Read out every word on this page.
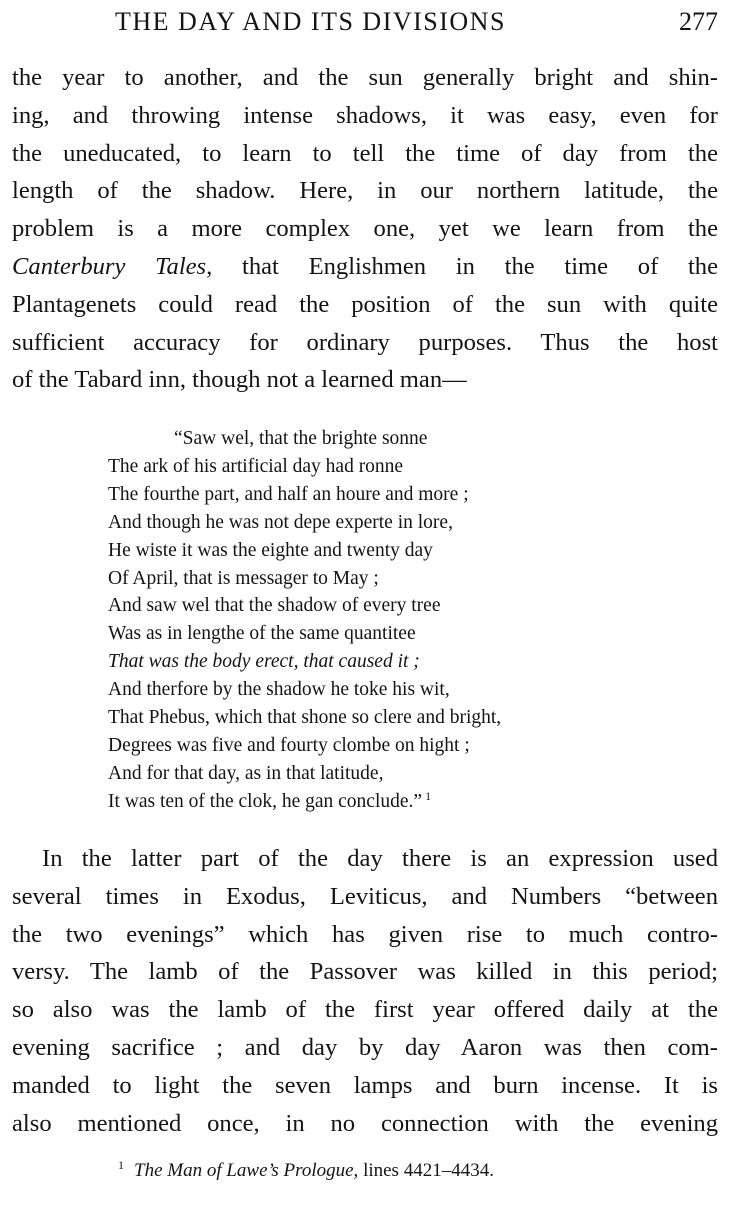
THE DAY AND ITS DIVISIONS	277
the year to another, and the sun generally bright and shin-
ing, and throwing intense shadows, it was easy, even for
the uneducated, to learn to tell the time of day from the
length of the shadow. Here, in our northern latitude, the
problem is a more complex one, yet we learn from the
Canterbury Tales, that Englishmen in the time of the
Plantagenets could read the position of the sun with quite
sufficient accuracy for ordinary purposes. Thus the host
of the Tabard inn, though not a learned man—
“Saw wel, that the brighte sonne
The ark of his artificial day had ronne
The fourthe part, and half an houre and more ;
And though he was not depe experte in lore,
He wiste it was the eighte and twenty day
Of April, that is messager to May ;
And saw wel that the shadow of every tree
Was as in lengthe of the same quantitee
That was the body erect, that caused it ;
And therfore by the shadow he toke his wit,
That Phebus, which that shone so clere and bright,
Degrees was five and fourty clombe on hight ;
And for that day, as in that latitude,
It was ten of the clok, he gan conclude.” $^1$
In the latter part of the day there is an expression used
several times in Exodus, Leviticus, and Numbers “between
the two evenings” which has given rise to much contro-
versy. The lamb of the Passover was killed in this period;
so also was the lamb of the first year offered daily at the
evening sacrifice ; and day by day Aaron was then com-
manded to light the seven lamps and burn incense. It is
also mentioned once, in no connection with the evening
$^1$ The Man of Lawe’s Prologue, lines 4421–4434.
